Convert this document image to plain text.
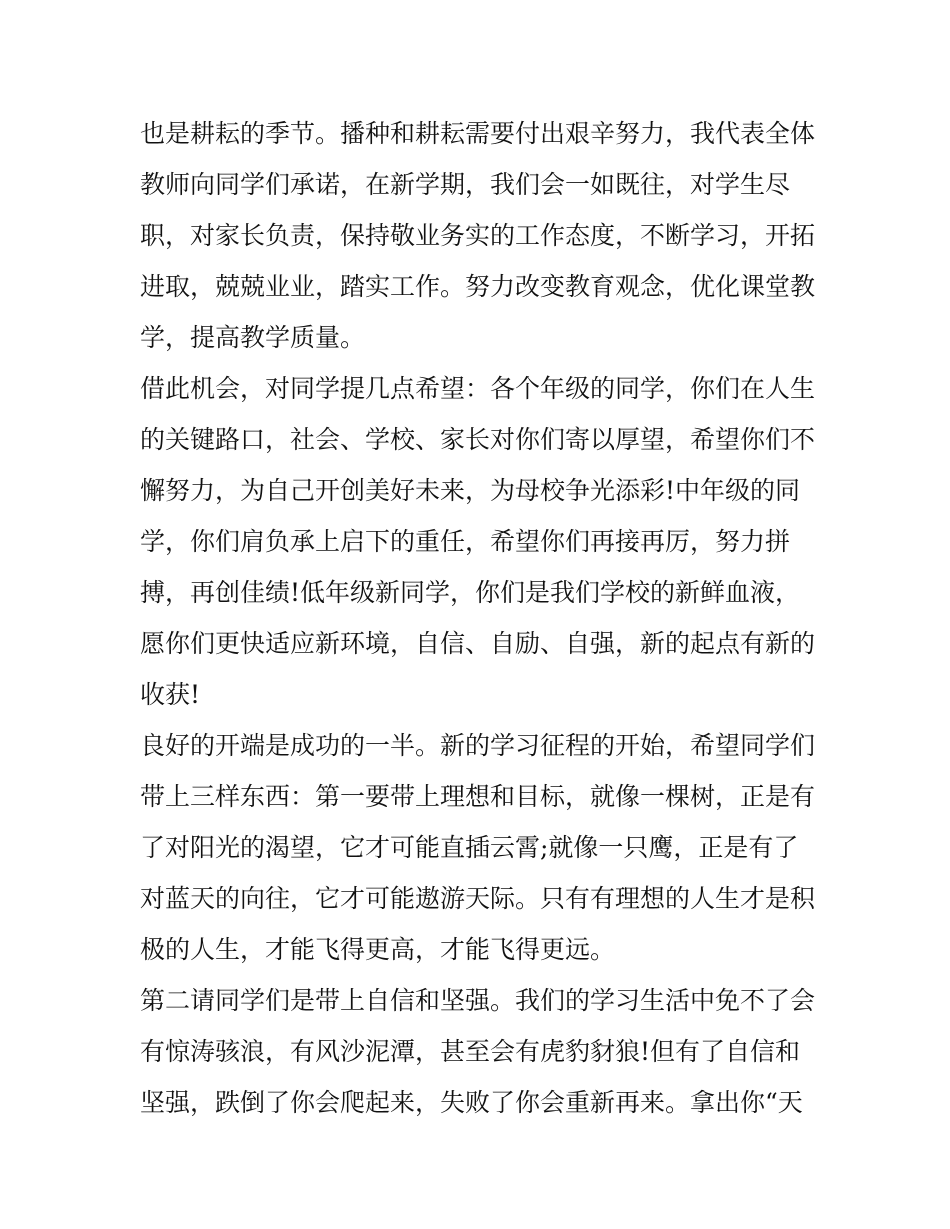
也是耕耘的季节。播种和耕耘需要付出艰辛努力，我代表全体
教师向同学们承诺，在新学期，我们会一如既往，对学生尽
职，对家长负责，保持敬业务实的工作态度，不断学习，开拓
进取，兢兢业业，踏实工作。努力改变教育观念，优化课堂教
学，提高教学质量。
借此机会，对同学提几点希望：各个年级的同学，你们在人生
的关键路口，社会、学校、家长对你们寄以厚望，希望你们不
懈努力，为自己开创美好未来，为母校争光添彩!中年级的同
学，你们肩负承上启下的重任，希望你们再接再厉，努力拼
搏，再创佳绩!低年级新同学，你们是我们学校的新鲜血液，
愿你们更快适应新环境，自信、自励、自强，新的起点有新的
收获!
良好的开端是成功的一半。新的学习征程的开始，希望同学们
带上三样东西：第一要带上理想和目标，就像一棵树，正是有
了对阳光的渴望，它才可能直插云霄;就像一只鹰，正是有了
对蓝天的向往，它才可能遨游天际。只有有理想的人生才是积
极的人生，才能飞得更高，才能飞得更远。
第二请同学们是带上自信和坚强。我们的学习生活中免不了会
有惊涛骇浪，有风沙泥潭，甚至会有虎豹豺狼!但有了自信和
坚强，跌倒了你会爬起来，失败了你会重新再来。拿出你“天
